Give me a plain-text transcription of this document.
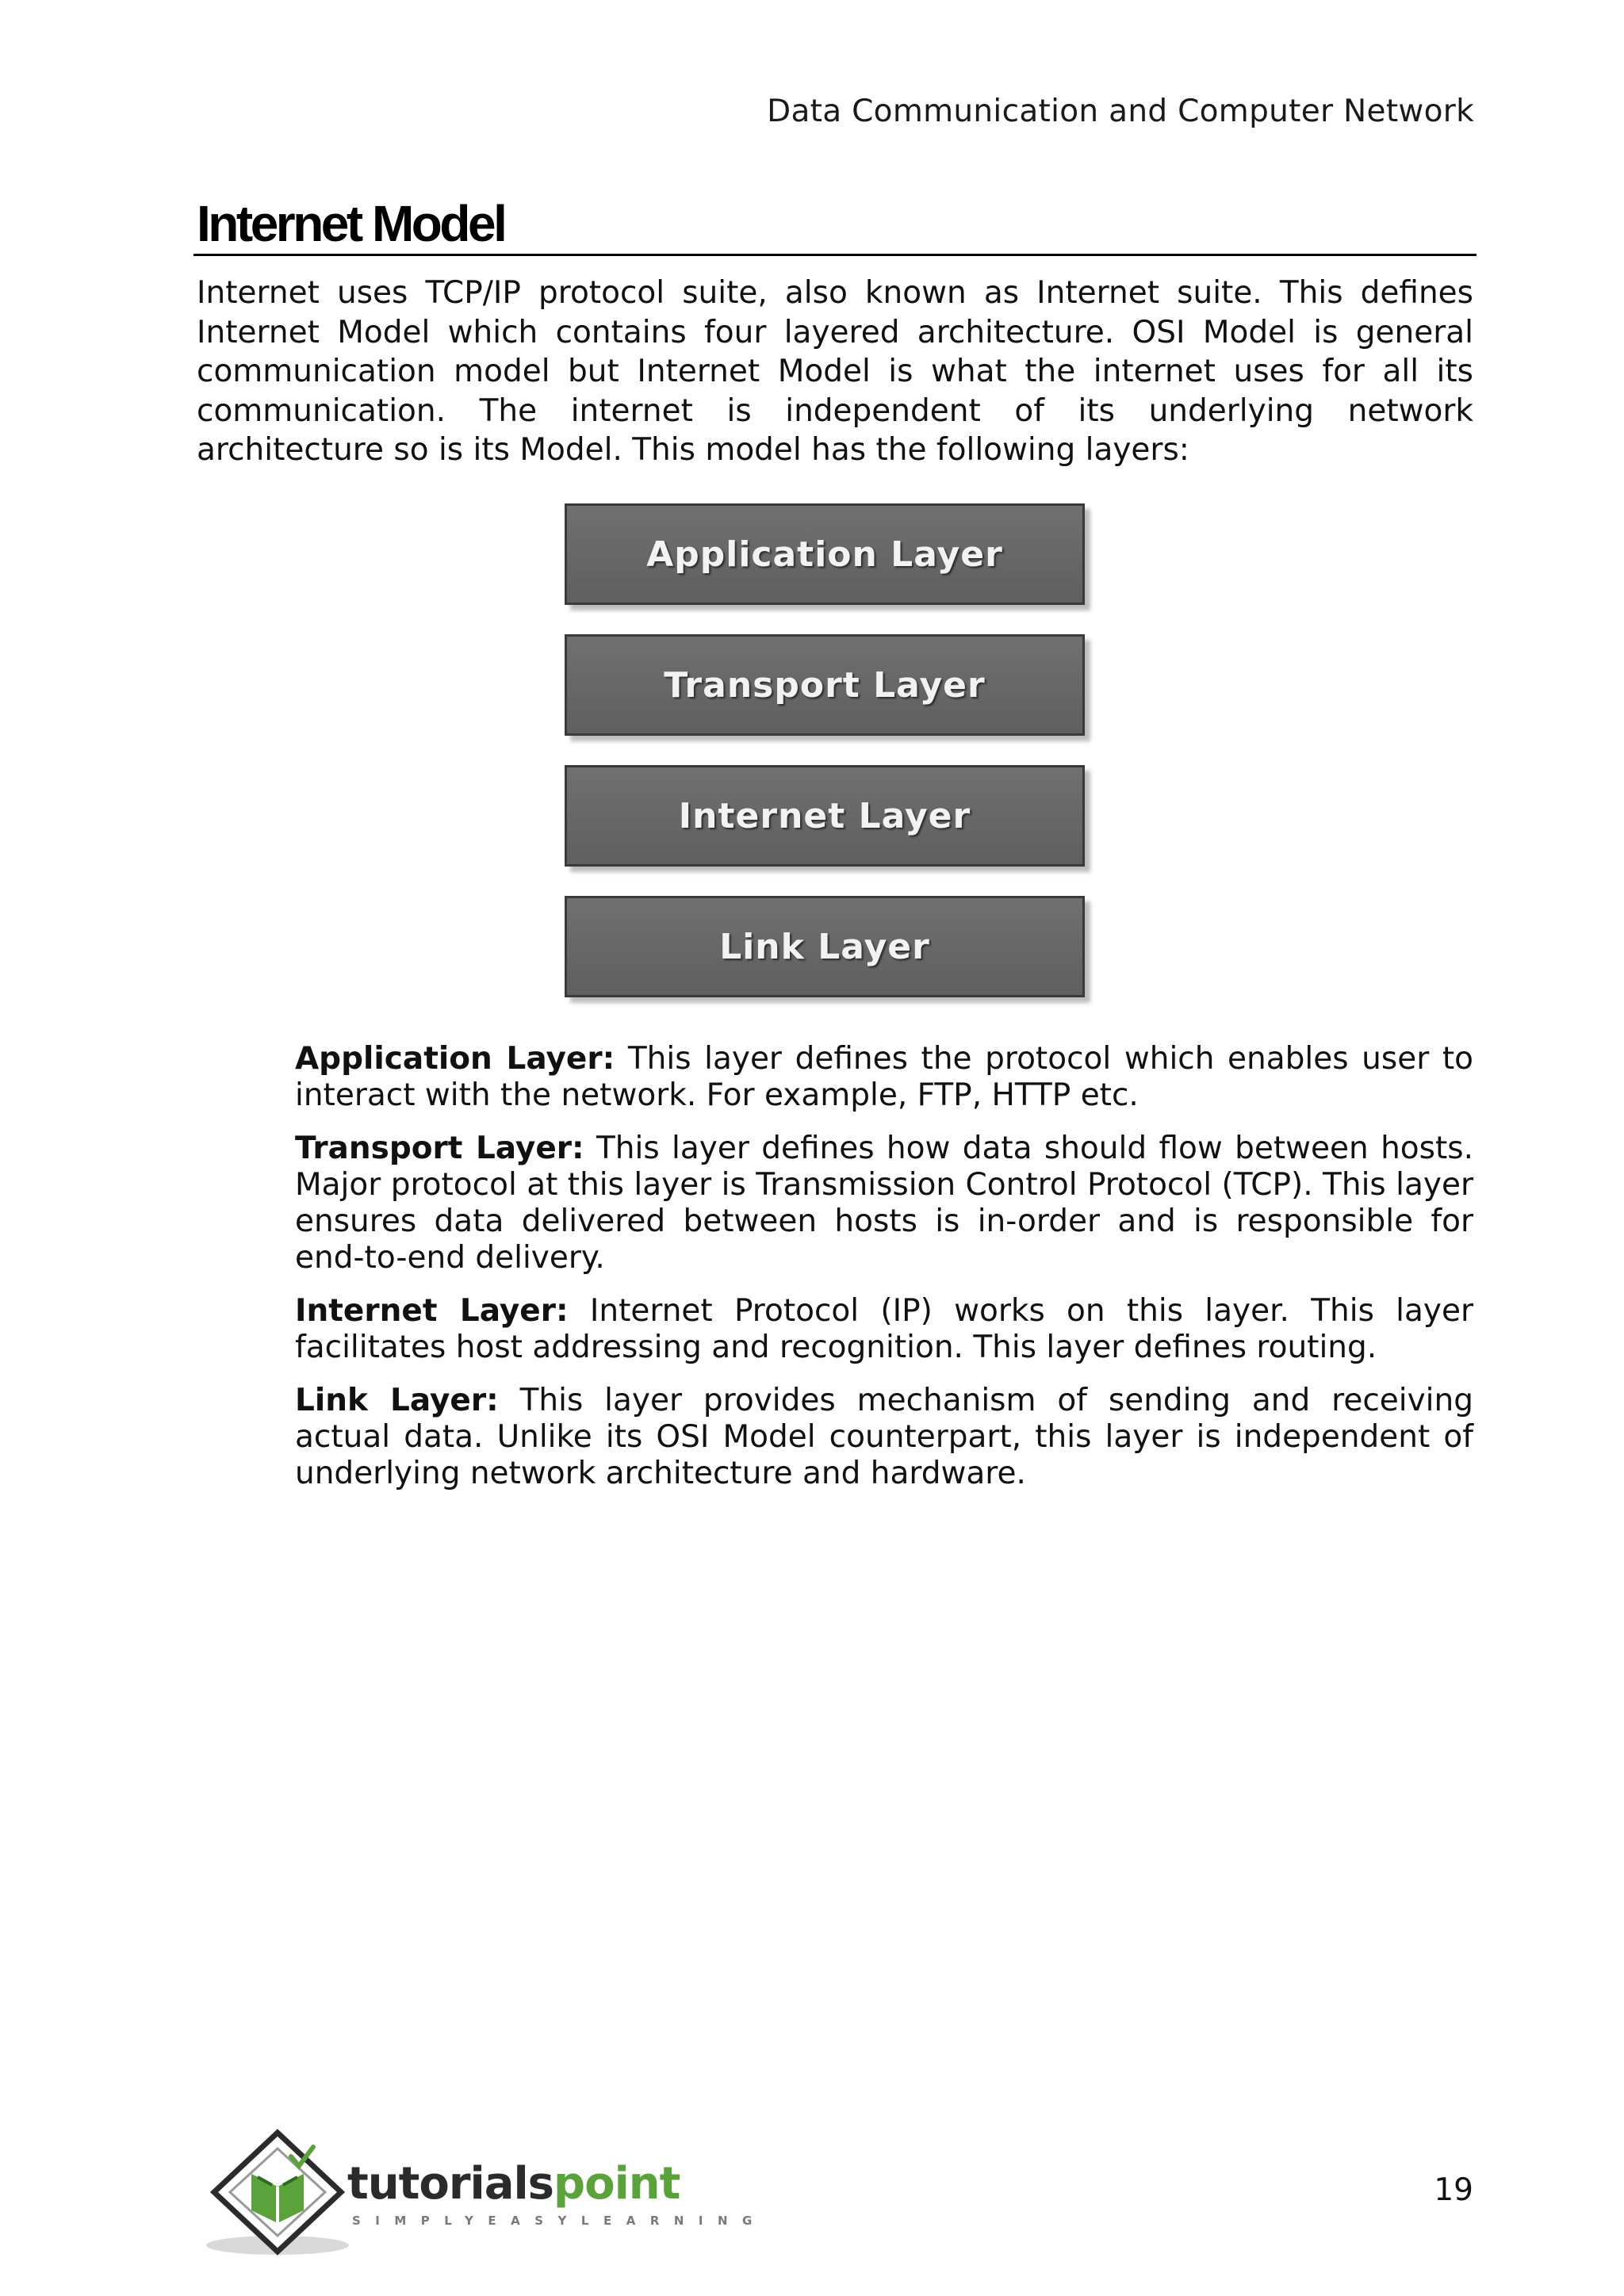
Data Communication and Computer Network
Internet Model

Internet uses TCP/IP protocol suite, also known as Internet suite. This defines Internet Model which contains four layered architecture. OSI Model is general communication model but Internet Model is what the internet uses for all its communication. The internet is independent of its underlying network architecture so is its Model. This model has the following layers:

Application Layer
Transport Layer
Internet Layer
Link Layer

Application Layer: This layer defines the protocol which enables user to interact with the network. For example, FTP, HTTP etc.

Transport Layer: This layer defines how data should flow between hosts. Major protocol at this layer is Transmission Control Protocol (TCP). This layer ensures data delivered between hosts is in-order and is responsible for end-to-end delivery.

Internet Layer: Internet Protocol (IP) works on this layer. This layer facilitates host addressing and recognition. This layer defines routing.

Link Layer: This layer provides mechanism of sending and receiving actual data. Unlike its OSI Model counterpart, this layer is independent of underlying network architecture and hardware.

tutorialspoint
SIMPLYEASYLEARNING
19
